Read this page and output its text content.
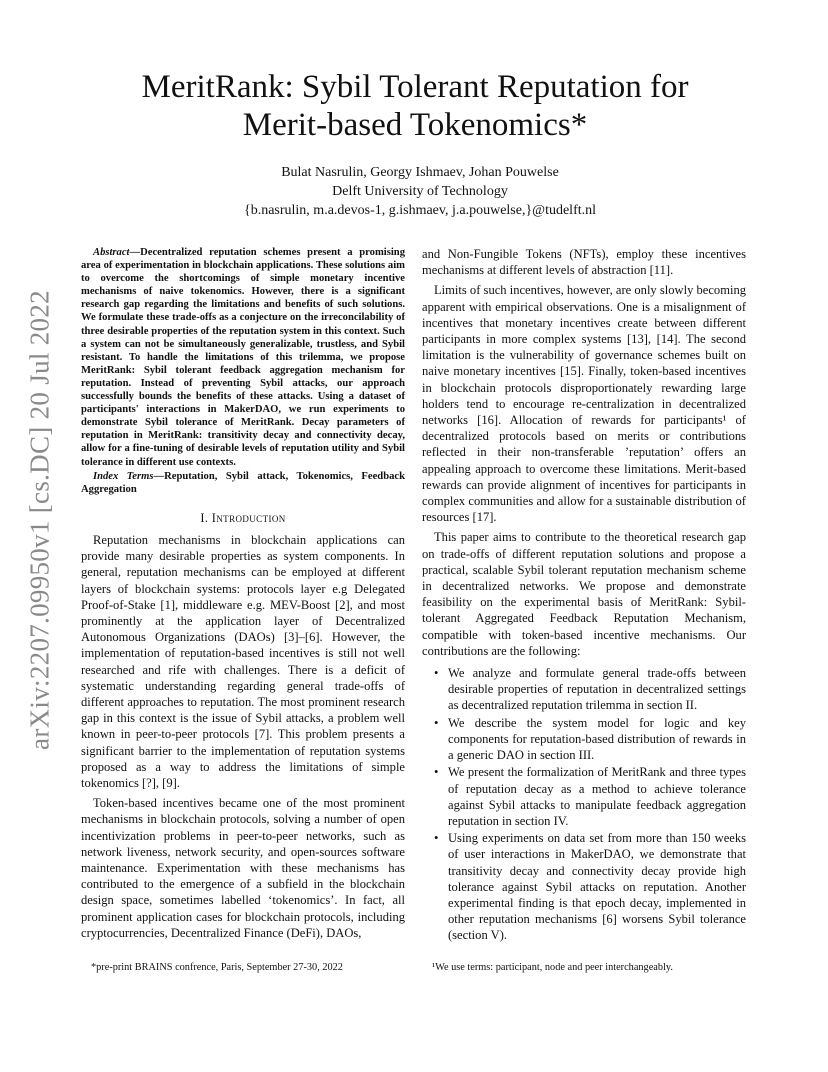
arXiv:2207.09950v1 [cs.DC] 20 Jul 2022
MeritRank: Sybil Tolerant Reputation for
Merit-based Tokenomics*
Bulat Nasrulin, Georgy Ishmaev, Johan Pouwelse
Delft University of Technology
{b.nasrulin, m.a.devos-1, g.ishmaev, j.a.pouwelse,}@tudelft.nl

Abstract—Decentralized reputation schemes present a promising area of experimentation in blockchain applications. These solutions aim to overcome the shortcomings of simple monetary incentive mechanisms of naive tokenomics. However, there is a significant research gap regarding the limitations and benefits of such solutions. We formulate these trade-offs as a conjecture on the irreconcilability of three desirable properties of the reputation system in this context. Such a system can not be simultaneously generalizable, trustless, and Sybil resistant. To handle the limitations of this trilemma, we propose MeritRank: Sybil tolerant feedback aggregation mechanism for reputation. Instead of preventing Sybil attacks, our approach successfully bounds the benefits of these attacks. Using a dataset of participants' interactions in MakerDAO, we run experiments to demonstrate Sybil tolerance of MeritRank. Decay parameters of reputation in MeritRank: transitivity decay and connectivity decay, allow for a fine-tuning of desirable levels of reputation utility and Sybil tolerance in different use contexts.

Index Terms—Reputation, Sybil attack, Tokenomics, Feedback Aggregation

I. Introduction

Reputation mechanisms in blockchain applications can provide many desirable properties as system components. In general, reputation mechanisms can be employed at different layers of blockchain systems: protocols layer e.g Delegated Proof-of-Stake [1], middleware e.g. MEV-Boost [2], and most prominently at the application layer of Decentralized Autonomous Organizations (DAOs) [3]–[6]. However, the implementation of reputation-based incentives is still not well researched and rife with challenges. There is a deficit of systematic understanding regarding general trade-offs of different approaches to reputation. The most prominent research gap in this context is the issue of Sybil attacks, a problem well known in peer-to-peer protocols [7]. This problem presents a significant barrier to the implementation of reputation systems proposed as a way to address the limitations of simple tokenomics [?], [9].

Token-based incentives became one of the most prominent mechanisms in blockchain protocols, solving a number of open incentivization problems in peer-to-peer networks, such as network liveness, network security, and open-sources software maintenance. Experimentation with these mechanisms has contributed to the emergence of a subfield in the blockchain design space, sometimes labelled ‘tokenomics’. In fact, all prominent application cases for blockchain protocols, including cryptocurrencies, Decentralized Finance (DeFi), DAOs,

and Non-Fungible Tokens (NFTs), employ these incentives mechanisms at different levels of abstraction [11].

Limits of such incentives, however, are only slowly becoming apparent with empirical observations. One is a misalignment of incentives that monetary incentives create between different participants in more complex systems [13], [14]. The second limitation is the vulnerability of governance schemes built on naive monetary incentives [15]. Finally, token-based incentives in blockchain protocols disproportionately rewarding large holders tend to encourage re-centralization in decentralized networks [16]. Allocation of rewards for participants¹ of decentralized protocols based on merits or contributions reflected in their non-transferable ’reputation’ offers an appealing approach to overcome these limitations. Merit-based rewards can provide alignment of incentives for participants in complex communities and allow for a sustainable distribution of resources [17].

This paper aims to contribute to the theoretical research gap on trade-offs of different reputation solutions and propose a practical, scalable Sybil tolerant reputation mechanism scheme in decentralized networks. We propose and demonstrate feasibility on the experimental basis of MeritRank: Sybil-tolerant Aggregated Feedback Reputation Mechanism, compatible with token-based incentive mechanisms. Our contributions are the following:

• We analyze and formulate general trade-offs between desirable properties of reputation in decentralized settings as decentralized reputation trilemma in section II.
• We describe the system model for logic and key components for reputation-based distribution of rewards in a generic DAO in section III.
• We present the formalization of MeritRank and three types of reputation decay as a method to achieve tolerance against Sybil attacks to manipulate feedback aggregation reputation in section IV.
• Using experiments on data set from more than 150 weeks of user interactions in MakerDAO, we demonstrate that transitivity decay and connectivity decay provide high tolerance against Sybil attacks on reputation. Another experimental finding is that epoch decay, implemented in other reputation mechanisms [6] worsens Sybil tolerance (section V).
*pre-print BRAINS confrence, Paris, September 27-30, 2022	¹We use terms: participant, node and peer interchangeably.
